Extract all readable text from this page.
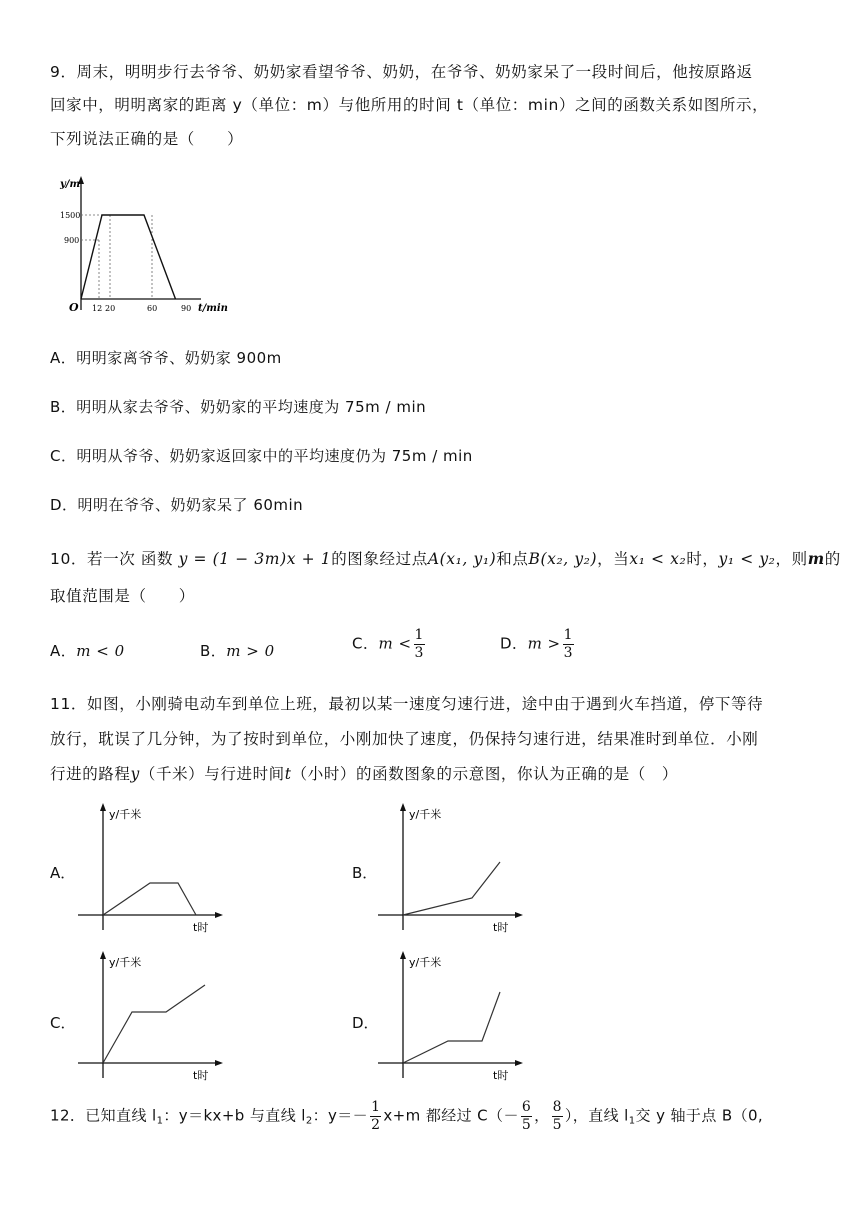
9．周末，明明步行去爷爷、奶奶家看望爷爷、奶奶，在爷爷、奶奶家呆了一段时间后，他按原路返
回家中，明明离家的距离 y（单位：m）与他所用的时间 t（单位：min）之间的函数关系如图所示，
下列说法正确的是（　　）
y/m
1500
900
O 12 20	60	90 t/min
A．明明家离爷爷、奶奶家 900m
B．明明从家去爷爷、奶奶家的平均速度为 75m / min
C．明明从爷爷、奶奶家返回家中的平均速度仍为 75m / min
D．明明在爷爷、奶奶家呆了 60min
10．若一次 函数 y = (1 − 3m)x + 1的图象经过点A(x₁, y₁)和点B(x₂, y₂)，当x₁ < x₂时，y₁ < y₂，则m的
取值范围是（　　）
A．m < 0	B．m > 0	C．$m < \frac{1}{3}$	D．$m > \frac{1}{3}$
11．如图，小刚骑电动车到单位上班，最初以某一速度匀速行进，途中由于遇到火车挡道，停下等待
放行，耽误了几分钟，为了按时到单位，小刚加快了速度，仍保持匀速行进，结果准时到单位．小刚
行进的路程y（千米）与行进时间t（小时）的函数图象的示意图，你认为正确的是（　）
A．
y/千米
t时
B．
y/千米
t时
C．
y/千米
t时
D．
y/千米
t时
12．已知直线 $l_1$：y＝kx+b 与直线 $l_2$：$y=- \frac{1}{2} x+m$ 都经过 $C(- \frac{6}{5}$ ， $\frac{8}{5}$ ），直线 $l_1$交 y 轴于点 B（0,
